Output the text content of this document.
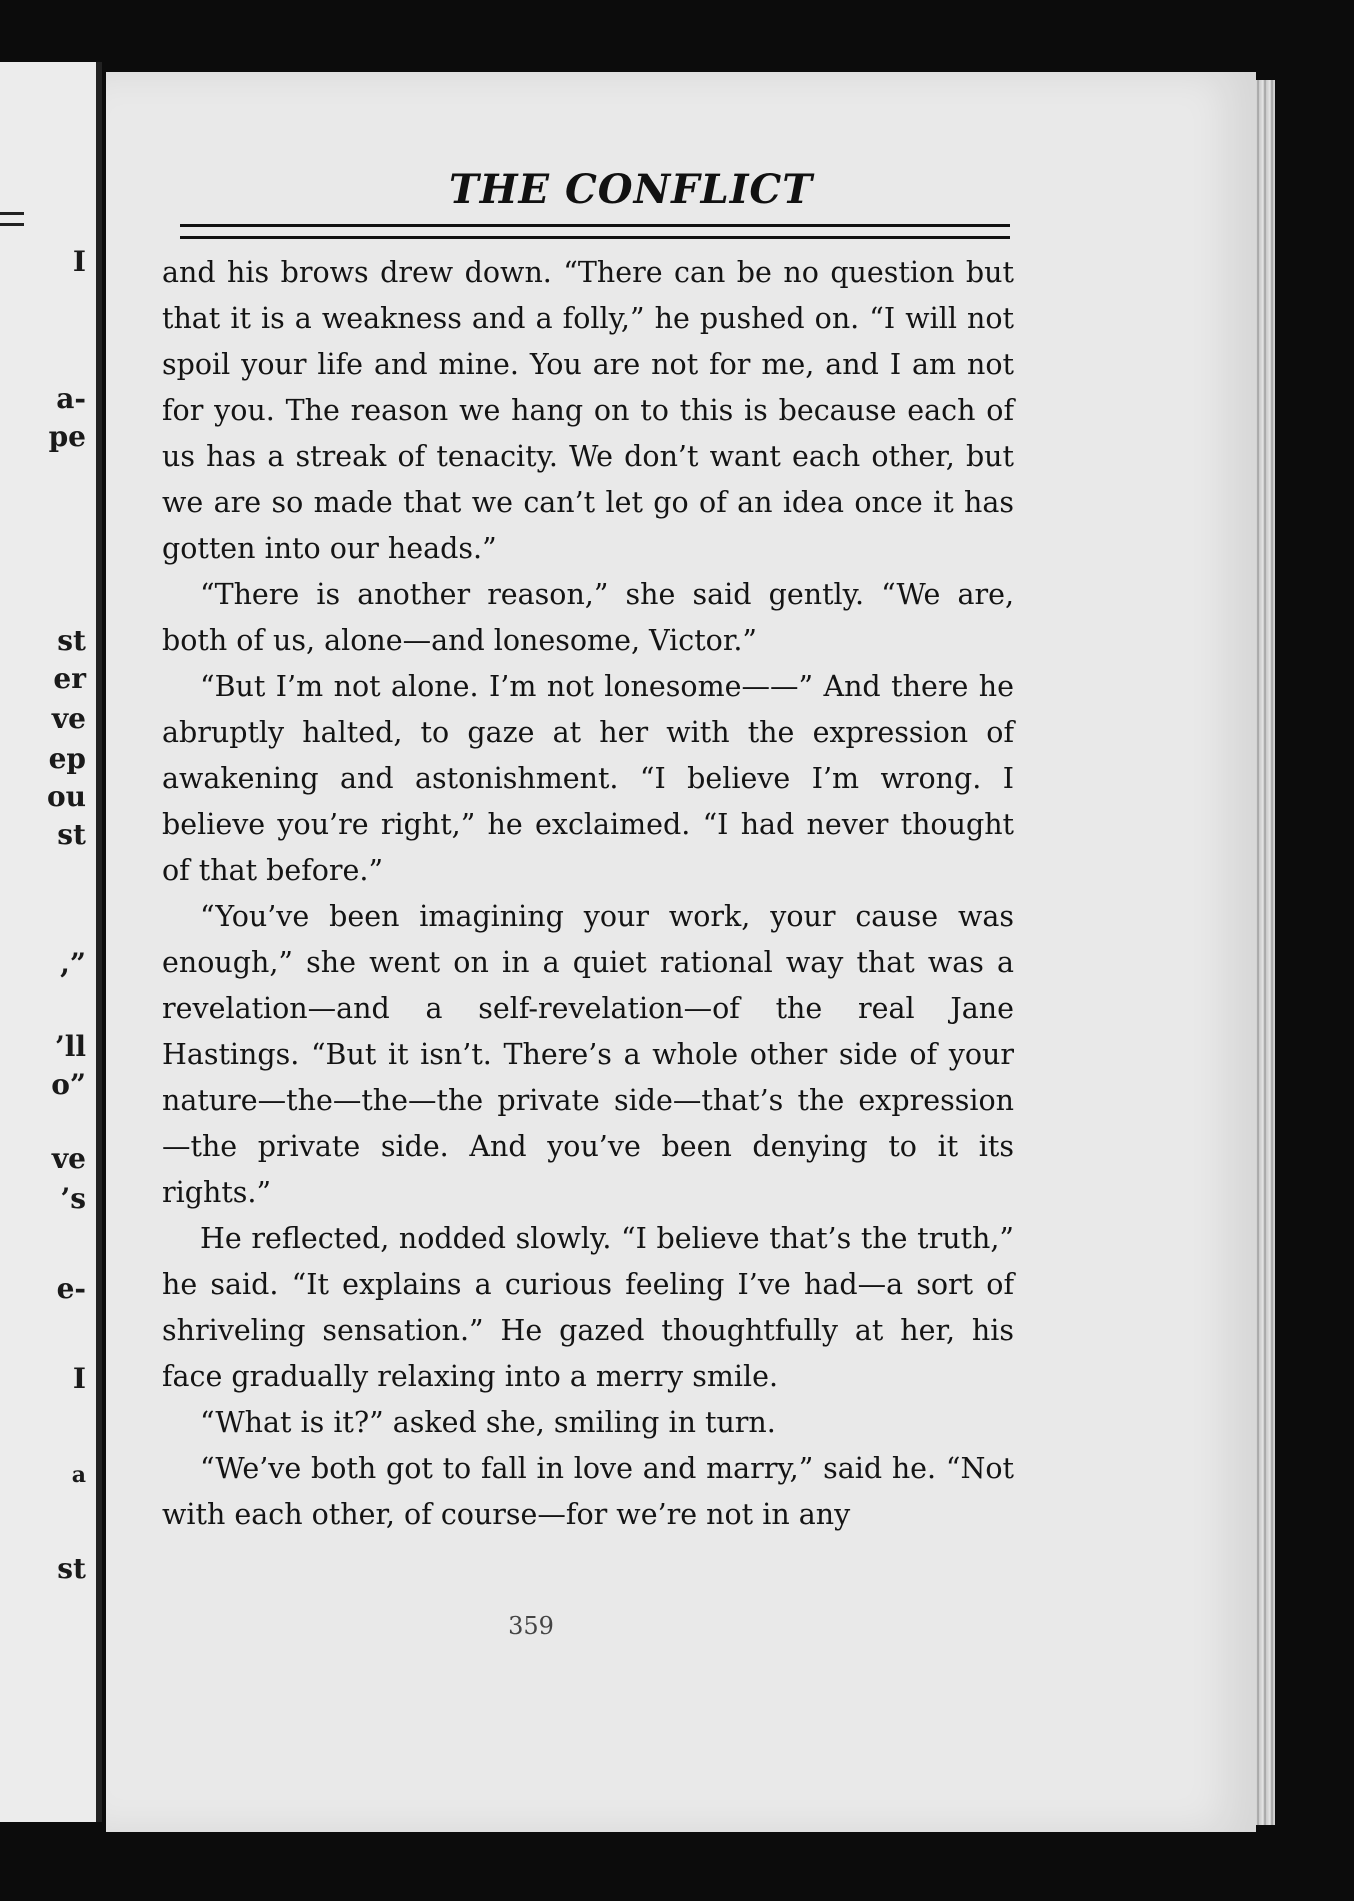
I
a-
pe
st
er
ve
ep
ou
st
,”
’ll
o”
ve
’s
e-
I
a
st
THE CONFLICT

and his brows drew down. “There can be no question but that it is a weakness and a folly,” he pushed on. “I will not spoil your life and mine. You are not for me, and I am not for you. The reason we hang on to this is because each of us has a streak of tenacity. We don’t want each other, but we are so made that we can’t let go of an idea once it has gotten into our heads.”

“There is another reason,” she said gently. “We are, both of us, alone—and lonesome, Victor.”

“But I’m not alone. I’m not lonesome——” And there he abruptly halted, to gaze at her with the expression of awakening and astonishment. “I believe I’m wrong. I believe you’re right,” he exclaimed. “I had never thought of that before.”

“You’ve been imagining your work, your cause was enough,” she went on in a quiet rational way that was a revelation—and a self-revelation—of the real Jane Hastings. “But it isn’t. There’s a whole other side of your nature—the—the—the private side—that’s the expression—the private side. And you’ve been denying to it its rights.”

He reflected, nodded slowly. “I believe that’s the truth,” he said. “It explains a curious feeling I’ve had—a sort of shriveling sensation.” He gazed thoughtfully at her, his face gradually relaxing into a merry smile.

“What is it?” asked she, smiling in turn.

“We’ve both got to fall in love and marry,” said he. “Not with each other, of course—for we’re not in any

359
